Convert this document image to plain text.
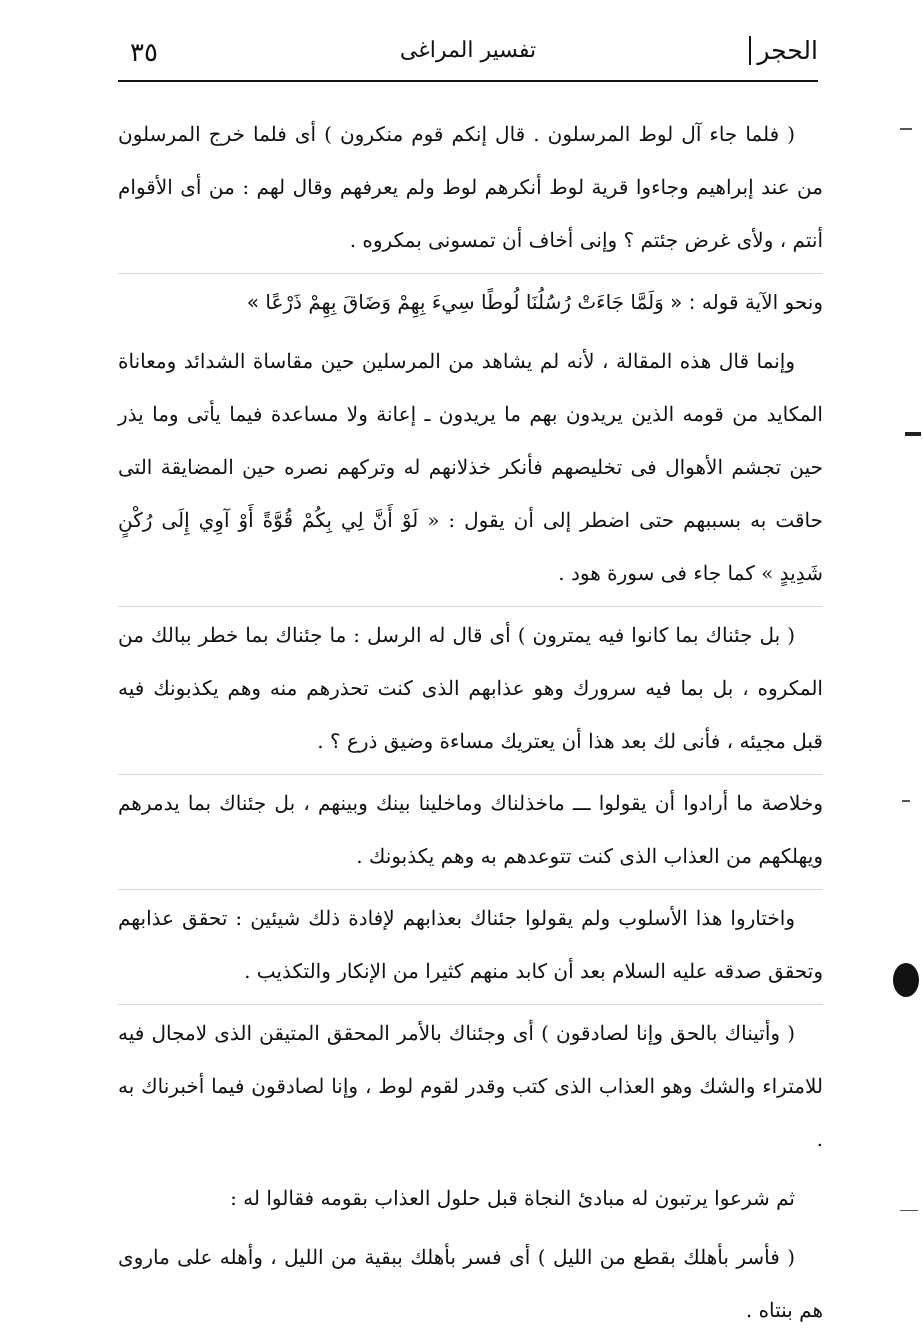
٣٥	تفسير المراغى	الحجر

( فلما جاء آل لوط المرسلون . قال إنكم قوم منكرون ) أى فلما خرج المرسلون من عند إبراهيم وجاءوا قرية لوط أنكرهم لوط ولم يعرفهم وقال لهم : من أى الأقوام أنتم ، ولأى غرض جئتم ؟ وإنى أخاف أن تمسونى بمكروه .

ونحو الآية قوله : « وَلَمَّا جَاءَتْ رُسُلُنَا لُوطًا سِيءَ بِهِمْ وَضَاقَ بِهِمْ ذَرْعًا »

وإنما قال هذه المقالة ، لأنه لم يشاهد من المرسلين حين مقاساة الشدائد ومعاناة المكايد من قومه الذين يريدون بهم ما يريدون ـ إعانة ولا مساعدة فيما يأتى وما يذر حين تجشم الأهوال فى تخليصهم فأنكر خذلانهم له وتركهم نصره حين المضايقة التى حاقت به بسببهم حتى اضطر إلى أن يقول : « لَوْ أَنَّ لِي بِكُمْ قُوَّةً أَوْ آوِي إِلَى رُكْنٍ شَدِيدٍ » كما جاء فى سورة هود .

( بل جئناك بما كانوا فيه يمترون ) أى قال له الرسل : ما جئناك بما خطر ببالك من المكروه ، بل بما فيه سرورك وهو عذابهم الذى كنت تحذرهم منه وهم يكذبونك فيه قبل مجيئه ، فأنى لك بعد هذا أن يعتريك مساءة وضيق ذرع ؟ .

وخلاصة ما أرادوا أن يقولوا ـــ ماخذلناك وماخلينا بينك وبينهم ، بل جئناك بما يدمرهم ويهلكهم من العذاب الذى كنت تتوعدهم به وهم يكذبونك .

واختاروا هذا الأسلوب ولم يقولوا جئناك بعذابهم لإفادة ذلك شيئين : تحقق عذابهم وتحقق صدقه عليه السلام بعد أن كابد منهم كثيرا من الإنكار والتكذيب .

( وأتيناك بالحق وإنا لصادقون ) أى وجئناك بالأمر المحقق المتيقن الذى لامجال فيه للامتراء والشك وهو العذاب الذى كتب وقدر لقوم لوط ، وإنا لصادقون فيما أخبرناك به .

ثم شرعوا يرتبون له مبادئ النجاة قبل حلول العذاب بقومه فقالوا له :

( فأسر بأهلك بقطع من الليل ) أى فسر بأهلك ببقية من الليل ، وأهله على ماروى هم بنتاه .
